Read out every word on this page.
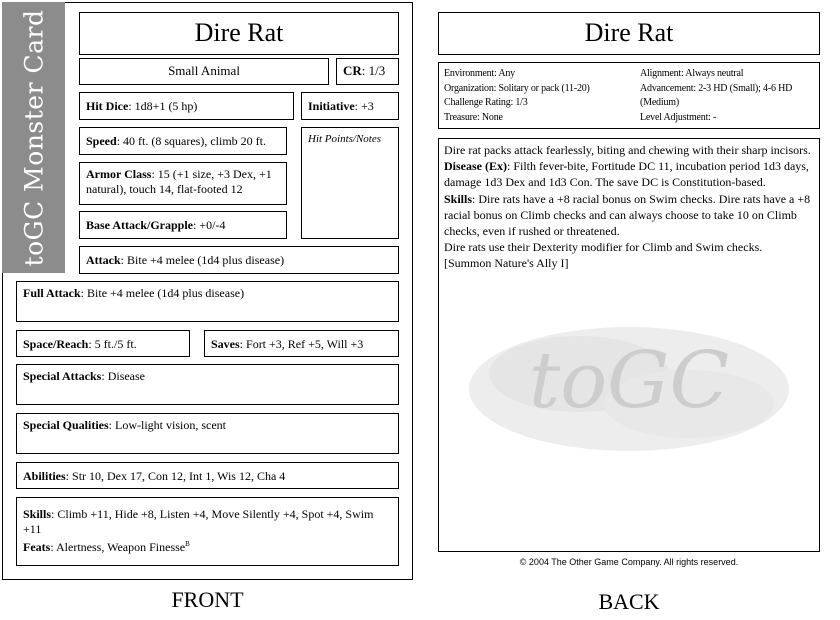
toGC Monster Card	Dire Rat
Small Animal	CR: 1/3
Hit Dice: 1d8+1 (5 hp)	Initiative: +3
Speed: 40 ft. (8 squares), climb 20 ft.	Hit Points/Notes
Armor Class: 15 (+1 size, +3 Dex, +1 natural), touch 14, flat-footed 12
Base Attack/Grapple: +0/-4
Attack: Bite +4 melee (1d4 plus disease)
Full Attack: Bite +4 melee (1d4 plus disease)
Space/Reach: 5 ft./5 ft.	Saves: Fort +3, Ref +5, Will +3
Special Attacks: Disease
Special Qualities: Low-light vision, scent
Abilities: Str 10, Dex 17, Con 12, Int 1, Wis 12, Cha 4
Skills: Climb +11, Hide +8, Listen +4, Move Silently +4, Spot +4, Swim +11
Feats: Alertness, Weapon Finesse$^B$
FRONT
Dire Rat
Environment: Any
Organization: Solitary or pack (11-20)
Challenge Rating: 1/3
Treasure: None
Alignment: Always neutral
Advancement: 2-3 HD (Small); 4-6 HD (Medium)
Level Adjustment: -
toGC

Dire rat packs attack fearlessly, biting and chewing with their sharp incisors.

Disease (Ex): Filth fever-bite, Fortitude DC 11, incubation period 1d3 days, damage 1d3 Dex and 1d3 Con. The save DC is Constitution-based.

Skills: Dire rats have a +8 racial bonus on Swim checks. Dire rats have a +8 racial bonus on Climb checks and can always choose to take 10 on Climb checks, even if rushed or threatened.

Dire rats use their Dexterity modifier for Climb and Swim checks.

[Summon Nature's Ally I]

© 2004 The Other Game Company. All rights reserved.
BACK
